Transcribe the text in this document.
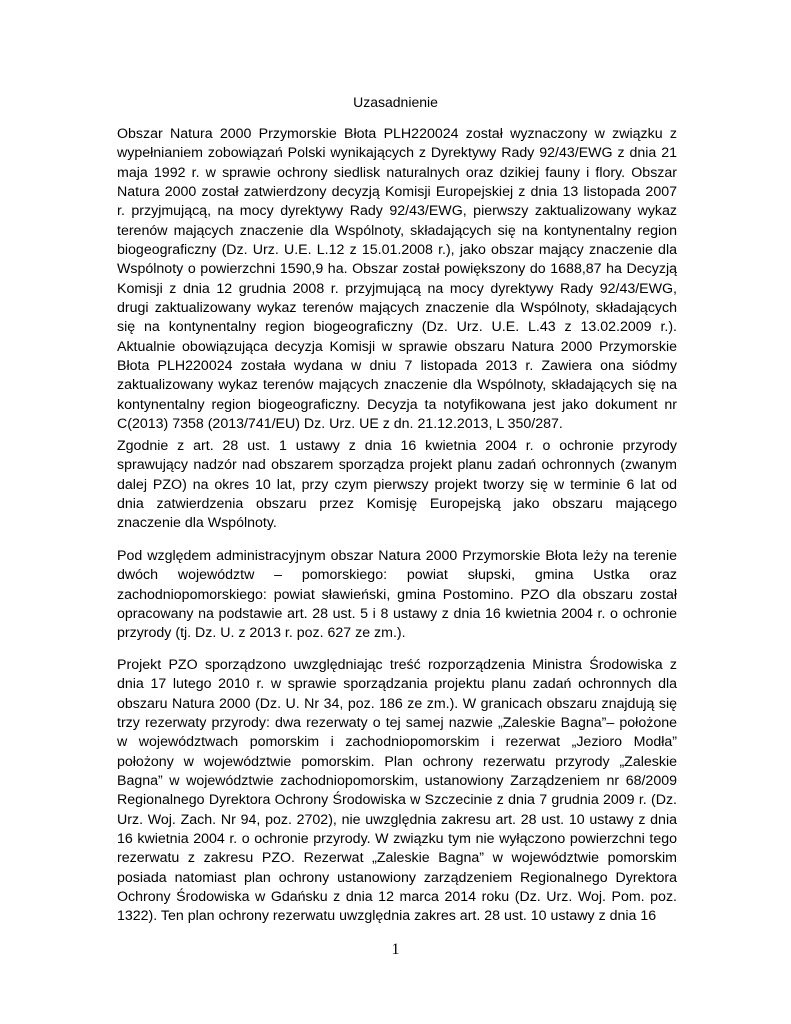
Uzasadnienie
Obszar Natura 2000 Przymorskie Błota PLH220024 został wyznaczony w związku z
wypełnianiem zobowiązań Polski wynikających z Dyrektywy Rady 92/43/EWG z dnia 21
maja 1992 r. w sprawie ochrony siedlisk naturalnych oraz dzikiej fauny i flory. Obszar
Natura 2000 został zatwierdzony decyzją Komisji Europejskiej z dnia 13 listopada 2007
r. przyjmującą, na mocy dyrektywy Rady 92/43/EWG, pierwszy zaktualizowany wykaz
terenów mających znaczenie dla Wspólnoty, składających się na kontynentalny region
biogeograficzny (Dz. Urz. U.E. L.12 z 15.01.2008 r.), jako obszar mający znaczenie dla
Wspólnoty o powierzchni 1590,9 ha. Obszar został powiększony do 1688,87 ha Decyzją
Komisji z dnia 12 grudnia 2008 r. przyjmującą na mocy dyrektywy Rady 92/43/EWG,
drugi zaktualizowany wykaz terenów mających znaczenie dla Wspólnoty, składających
się na kontynentalny region biogeograficzny (Dz. Urz. U.E. L.43 z 13.02.2009 r.).
Aktualnie obowiązująca decyzja Komisji w sprawie obszaru Natura 2000 Przymorskie
Błota PLH220024 została wydana w dniu 7 listopada 2013 r. Zawiera ona siódmy
zaktualizowany wykaz terenów mających znaczenie dla Wspólnoty, składających się na
kontynentalny region biogeograficzny. Decyzja ta notyfikowana jest jako dokument nr
C(2013) 7358 (2013/741/EU) Dz. Urz. UE z dn. 21.12.2013, L 350/287.
Zgodnie z art. 28 ust. 1 ustawy z dnia 16 kwietnia 2004 r. o ochronie przyrody
sprawujący nadzór nad obszarem sporządza projekt planu zadań ochronnych (zwanym
dalej PZO) na okres 10 lat, przy czym pierwszy projekt tworzy się w terminie 6 lat od
dnia zatwierdzenia obszaru przez Komisję Europejską jako obszaru mającego
znaczenie dla Wspólnoty.
Pod względem administracyjnym obszar Natura 2000 Przymorskie Błota leży na terenie
dwóch województw – pomorskiego: powiat słupski, gmina Ustka oraz
zachodniopomorskiego: powiat sławieński, gmina Postomino. PZO dla obszaru został
opracowany na podstawie art. 28 ust. 5 i 8 ustawy z dnia 16 kwietnia 2004 r. o ochronie
przyrody (tj. Dz. U. z 2013 r. poz. 627 ze zm.).
Projekt PZO sporządzono uwzględniając treść rozporządzenia Ministra Środowiska z
dnia 17 lutego 2010 r. w sprawie sporządzania projektu planu zadań ochronnych dla
obszaru Natura 2000 (Dz. U. Nr 34, poz. 186 ze zm.). W granicach obszaru znajdują się
trzy rezerwaty przyrody: dwa rezerwaty o tej samej nazwie „Zaleskie Bagna”– położone
w województwach pomorskim i zachodniopomorskim i rezerwat „Jezioro Modła”
położony w województwie pomorskim. Plan ochrony rezerwatu przyrody „Zaleskie
Bagna” w województwie zachodniopomorskim, ustanowiony Zarządzeniem nr 68/2009
Regionalnego Dyrektora Ochrony Środowiska w Szczecinie z dnia 7 grudnia 2009 r. (Dz.
Urz. Woj. Zach. Nr 94, poz. 2702), nie uwzględnia zakresu art. 28 ust. 10 ustawy z dnia
16 kwietnia 2004 r. o ochronie przyrody. W związku tym nie wyłączono powierzchni tego
rezerwatu z zakresu PZO. Rezerwat „Zaleskie Bagna” w województwie pomorskim
posiada natomiast plan ochrony ustanowiony zarządzeniem Regionalnego Dyrektora
Ochrony Środowiska w Gdańsku z dnia 12 marca 2014 roku (Dz. Urz. Woj. Pom. poz.
1322). Ten plan ochrony rezerwatu uwzględnia zakres art. 28 ust. 10 ustawy z dnia 16
1
